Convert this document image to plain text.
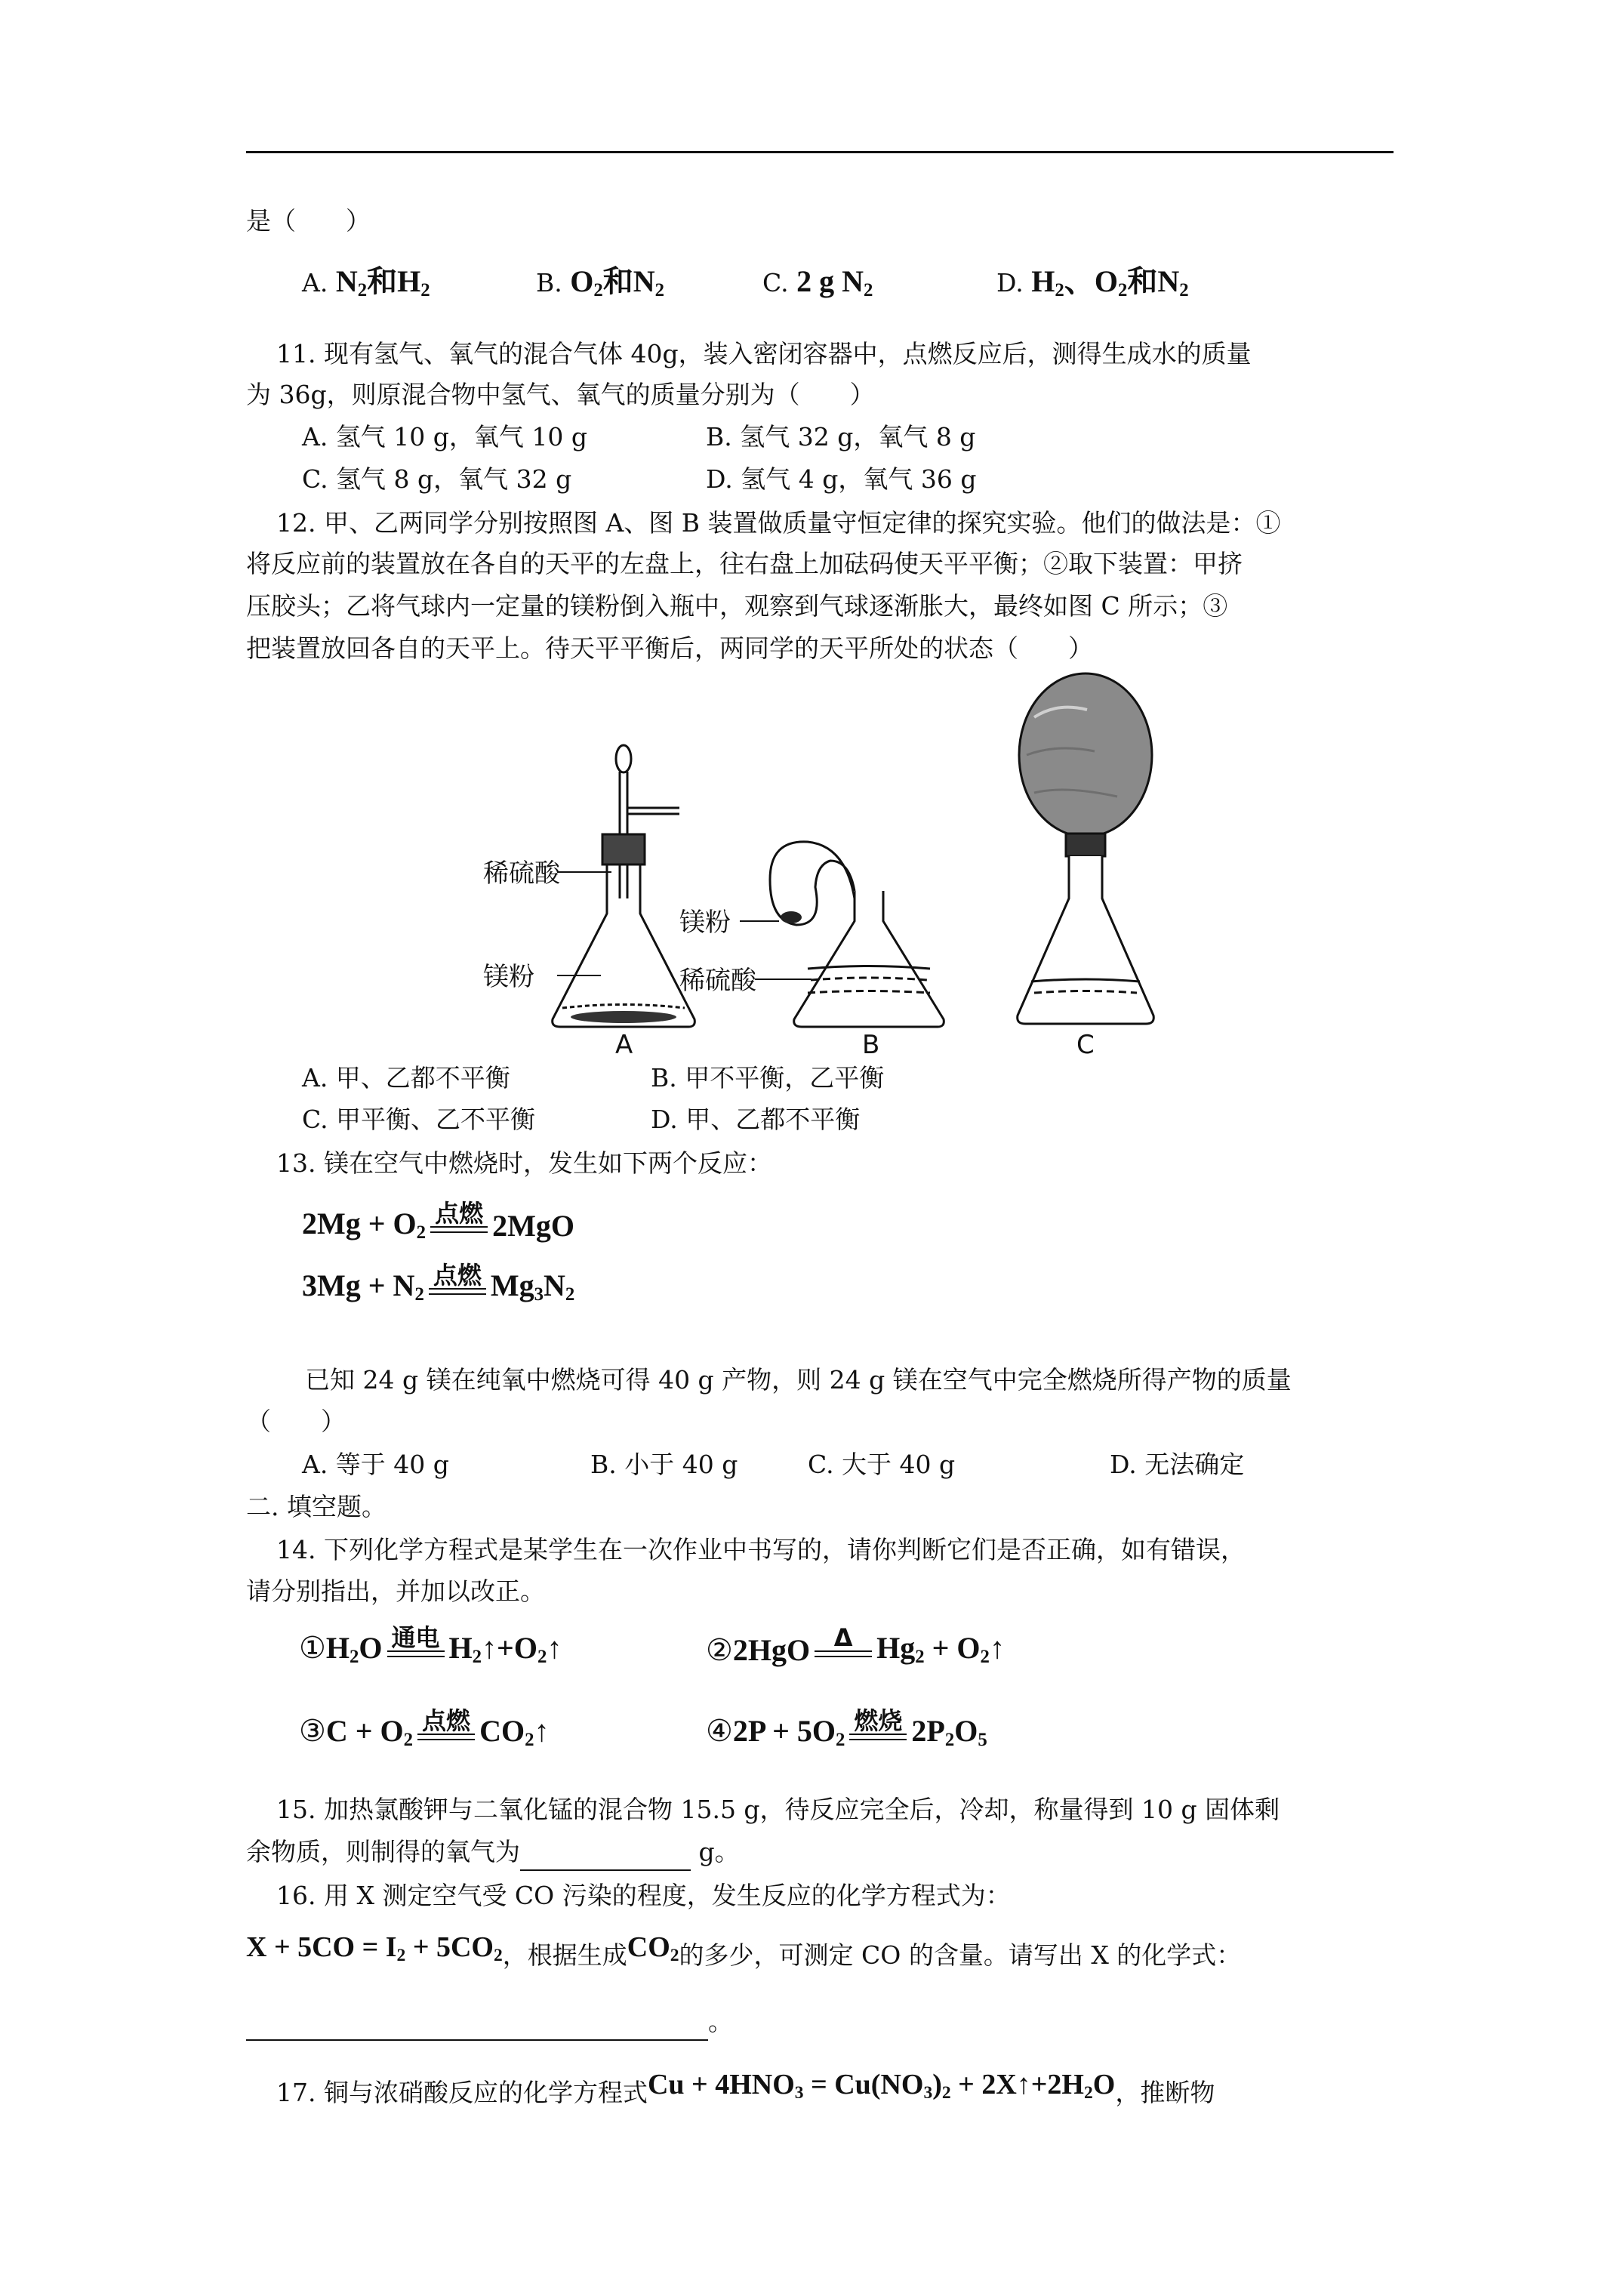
是（　　）
A. $N_2$和$H_2$	B. $O_2$和$N_2$	C. 2 g $N_2$	D. $H_2$、$O_2$和$N_2$
11. 现有氢气、氧气的混合气体 40g，装入密闭容器中，点燃反应后，测得生成水的质量
为 36g，则原混合物中氢气、氧气的质量分别为（　　）
A. 氢气 10 g，氧气 10 g	B. 氢气 32 g，氧气 8 g
C. 氢气 8 g，氧气 32 g	D. 氢气 4 g，氧气 36 g
12. 甲、乙两同学分别按照图 A、图 B 装置做质量守恒定律的探究实验。他们的做法是：①
将反应前的装置放在各自的天平的左盘上，往右盘上加砝码使天平平衡；②取下装置：甲挤
压胶头；乙将气球内一定量的镁粉倒入瓶中，观察到气球逐渐胀大，最终如图 C 所示；③
把装置放回各自的天平上。待天平平衡后，两同学的天平所处的状态（　　）
稀硫酸
镁粉
A
镁粉
稀硫酸
B	C
A. 甲、乙都不平衡	B. 甲不平衡，乙平衡
C. 甲平衡、乙不平衡	D. 甲、乙都不平衡
13. 镁在空气中燃烧时，发生如下两个反应：
$2Mg + O_2$
点燃 2MgO
$3Mg + N_2$
点燃 $Mg_3N_2$
已知 24 g 镁在纯氧中燃烧可得 40 g 产物，则 24 g 镁在空气中完全燃烧所得产物的质量
（　　）
A. 等于 40 g	B. 小于 40 g	C. 大于 40 g	D. 无法确定
二. 填空题。
14. 下列化学方程式是某学生在一次作业中书写的，请你判断它们是否正确，如有错误，
请分别指出，并加以改正。
$①H_2O$ 通电 $H_2↑+O_2↑$	②2HgO Δ $Hg_2$ + $O_2↑$
③C + $O_2$
点燃 $CO_2↑$	④2P + $5O_2$
燃烧 $2P_2O_5$
15. 加热氯酸钾与二氧化锰的混合物 15.5 g，待反应完全后，冷却，称量得到 10 g 固体剩
余物质，则制得的氧气为	g。
16. 用 X 测定空气受 CO 污染的程度，发生反应的化学方程式为：
$X + 5CO = I_2 + 5CO_2$ ，根据生成 $CO_2$ 的多少，可测定 CO 的含量。请写出 X 的化学式：
。
17. 铜与浓硝酸反应的化学方程式 $Cu + 4HNO_3 = Cu(NO_3)_2$ + $2X↑+2H_2O$ ，推断物
